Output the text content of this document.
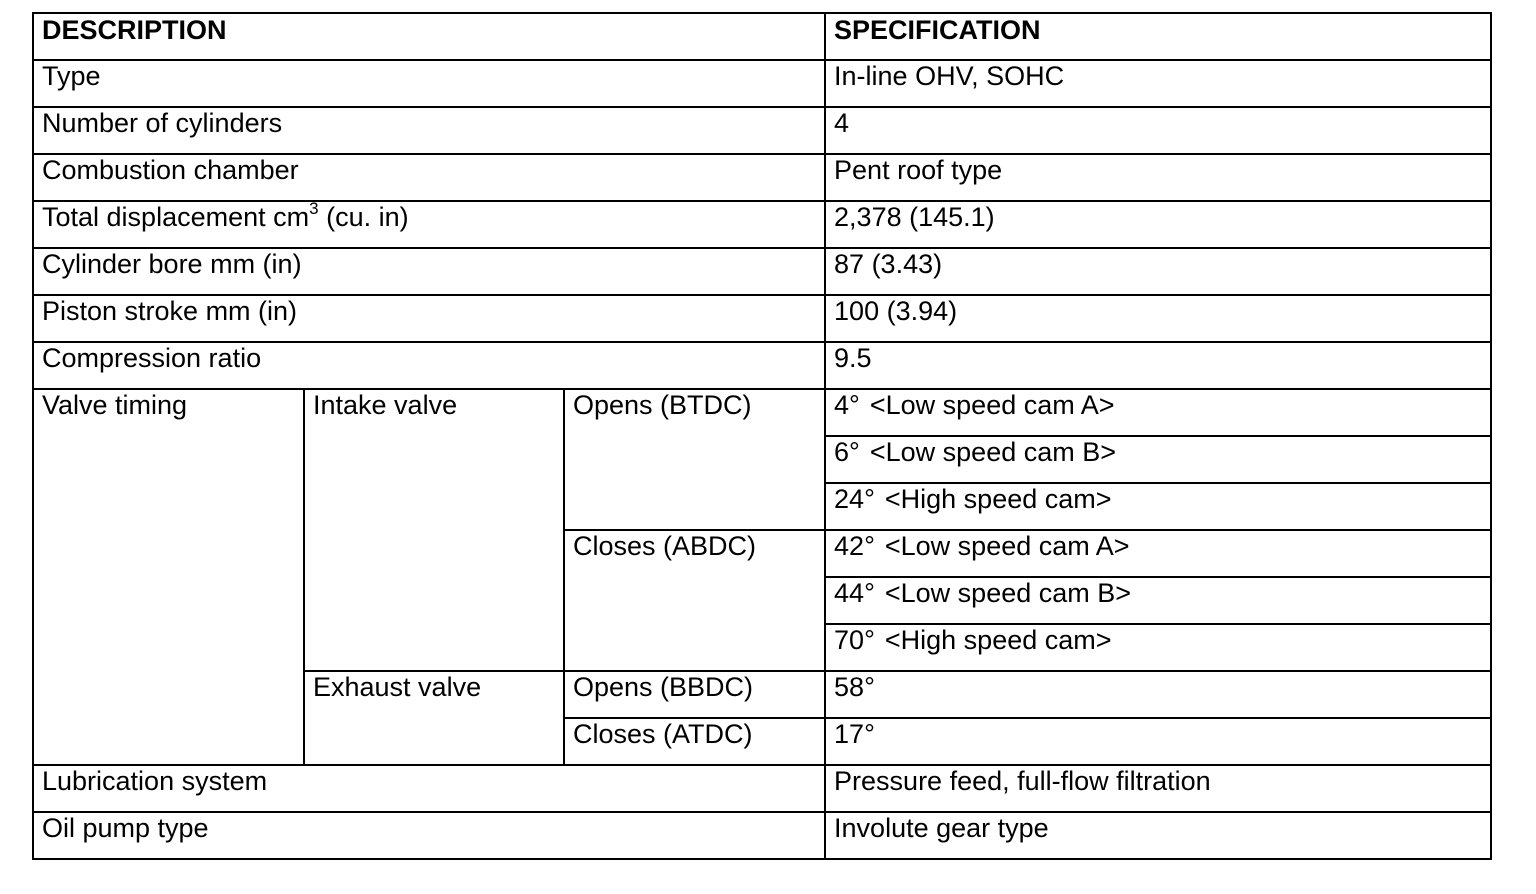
DESCRIPTION			SPECIFICATION
Type			In-line OHV, SOHC
Number of cylinders			4
Combustion chamber			Pent roof type
Total displacement $cm^3$ (cu. in)			2,378 (145.1)
Cylinder bore mm (in)			87 (3.43)
Piston stroke mm (in)			100 (3.94)
Compression ratio			9.5
Valve timing	Intake valve	Opens (BTDC)	4° <Low speed cam A>
			6° <Low speed cam B>
			24° <High speed cam>
		Closes (ABDC)	42° <Low speed cam A>
			44° <Low speed cam B>
			70° <High speed cam>
	Exhaust valve	Opens (BBDC)	58°
		Closes (ATDC)	17°
Lubrication system			Pressure feed, full-flow filtration
Oil pump type			Involute gear type
